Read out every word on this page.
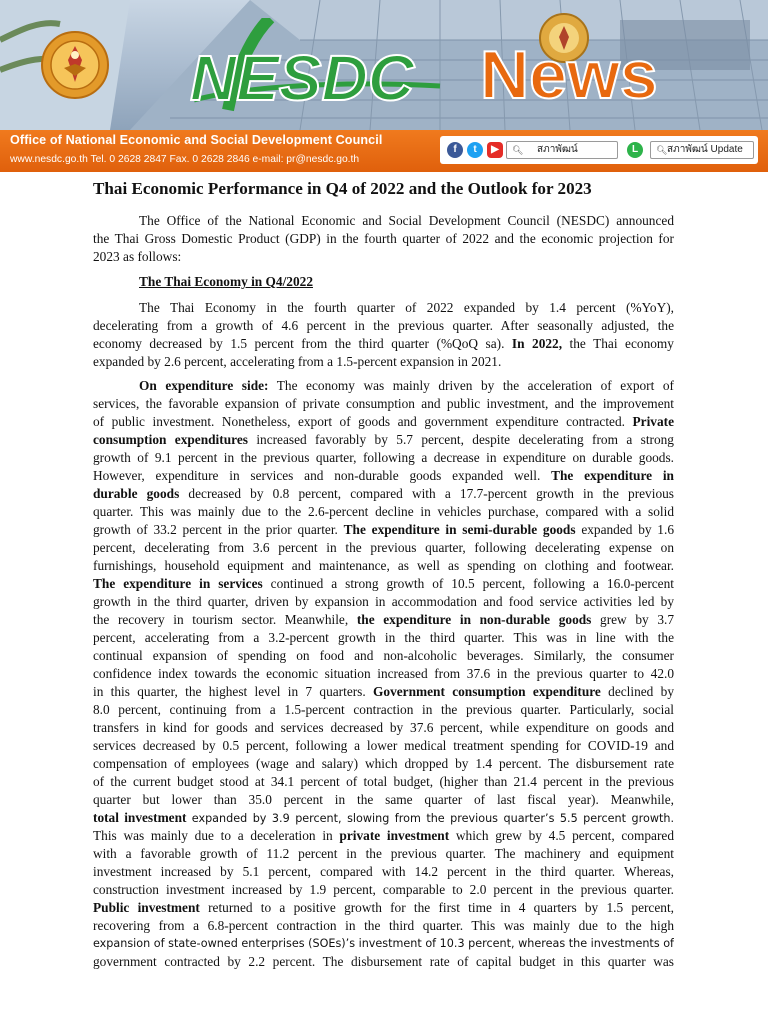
NESDC News
Office of National Economic and Social Development Council
www.nesdc.go.th Tel. 0 2628 2847 Fax. 0 2628 2846 e-mail: pr@nesdc.go.th
f	t	▶	🔍︎ สภาพัฒน์	L	🔍︎ สภาพัฒน์ Update
Thai Economic Performance in Q4 of 2022 and the Outlook for 2023
The Office of the National Economic and Social Development Council (NESDC) announced
the Thai Gross Domestic Product (GDP) in the fourth quarter of 2022 and the economic projection for
2023 as follows:
The Thai Economy in Q4/2022
The Thai Economy in the fourth quarter of 2022 expanded by 1.4 percent (%YoY),
decelerating from a growth of 4.6 percent in the previous quarter. After seasonally adjusted, the
economy decreased by 1.5 percent from the third quarter (%QoQ sa). In 2022, the Thai economy
expanded by 2.6 percent, accelerating from a 1.5-percent expansion in 2021.
On expenditure side: The economy was mainly driven by the acceleration of export of
services, the favorable expansion of private consumption and public investment, and the improvement
of public investment. Nonetheless, export of goods and government expenditure contracted. Private
consumption expenditures increased favorably by 5.7 percent, despite decelerating from a strong
growth of 9.1 percent in the previous quarter, following a decrease in expenditure on durable goods.
However, expenditure in services and non-durable goods expanded well. The expenditure in
durable goods decreased by 0.8 percent, compared with a 17.7-percent growth in the previous
quarter. This was mainly due to the 2.6-percent decline in vehicles purchase, compared with a solid
growth of 33.2 percent in the prior quarter. The expenditure in semi-durable goods expanded by 1.6
percent, decelerating from 3.6 percent in the previous quarter, following decelerating expense on
furnishings, household equipment and maintenance, as well as spending on clothing and footwear.
The expenditure in services continued a strong growth of 10.5 percent, following a 16.0-percent
growth in the third quarter, driven by expansion in accommodation and food service activities led by
the recovery in tourism sector. Meanwhile, the expenditure in non-durable goods grew by 3.7
percent, accelerating from a 3.2-percent growth in the third quarter. This was in line with the
continual expansion of spending on food and non-alcoholic beverages. Similarly, the consumer
confidence index towards the economic situation increased from 37.6 in the previous quarter to 42.0
in this quarter, the highest level in 7 quarters. Government consumption expenditure declined by
8.0 percent, continuing from a 1.5-percent contraction in the previous quarter. Particularly, social
transfers in kind for goods and services decreased by 37.6 percent, while expenditure on goods and
services decreased by 0.5 percent, following a lower medical treatment spending for COVID-19 and
compensation of employees (wage and salary) which dropped by 1.4 percent. The disbursement rate
of the current budget stood at 34.1 percent of total budget, (higher than 21.4 percent in the previous
quarter but lower than 35.0 percent in the same quarter of last fiscal year). Meanwhile,
total investment expanded by 3.9 percent, slowing from the previous quarter’s 5.5 percent growth.
This was mainly due to a deceleration in private investment which grew by 4.5 percent, compared
with a favorable growth of 11.2 percent in the previous quarter. The machinery and equipment
investment increased by 5.1 percent, compared with 14.2 percent in the third quarter. Whereas,
construction investment increased by 1.9 percent, comparable to 2.0 percent in the previous quarter.
Public investment returned to a positive growth for the first time in 4 quarters by 1.5 percent,
recovering from a 6.8-percent contraction in the third quarter. This was mainly due to the high
expansion of state-owned enterprises (SOEs)’s investment of 10.3 percent, whereas the investments of
government contracted by 2.2 percent. The disbursement rate of capital budget in this quarter was
